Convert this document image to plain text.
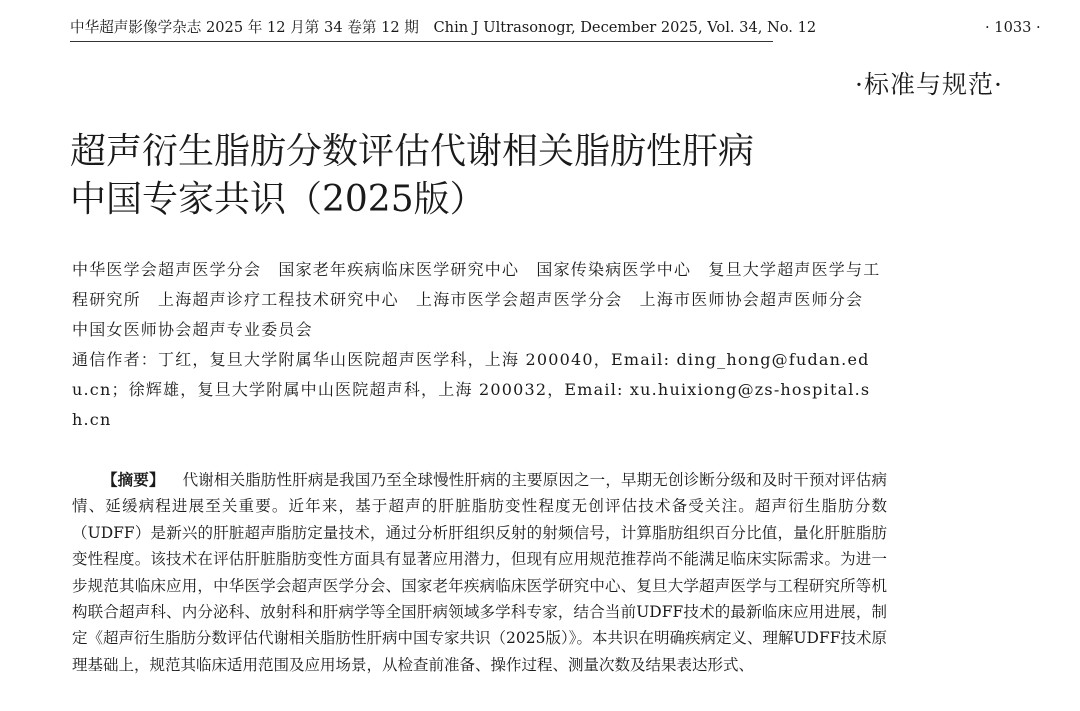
中华超声影像学杂志 2025 年 12 月第 34 卷第 12 期 Chin J Ultrasonogr, December 2025, Vol. 34, No. 12	· 1033 ·
·标准与规范·
超声衍生脂肪分数评估代谢相关脂肪性肝病
中国专家共识（2025版）
中华医学会超声医学分会　国家老年疾病临床医学研究中心　国家传染病医学中心　复旦大学超声医学与工程研究所　上海超声诊疗工程技术研究中心　上海市医学会超声医学分会　上海市医师协会超声医师分会　中国女医师协会超声专业委员会
通信作者：丁红，复旦大学附属华山医院超声医学科，上海 200040，Email: ding_hong@fudan.edu.cn；徐辉雄，复旦大学附属中山医院超声科，上海 200032，Email: xu.huixiong@zs-hospital.sh.cn
【摘要】 代谢相关脂肪性肝病是我国乃至全球慢性肝病的主要原因之一，早期无创诊断分级和及时干预对评估病情、延缓病程进展至关重要。近年来，基于超声的肝脏脂肪变性程度无创评估技术备受关注。超声衍生脂肪分数（UDFF）是新兴的肝脏超声脂肪定量技术，通过分析肝组织反射的射频信号，计算脂肪组织百分比值，量化肝脏脂肪变性程度。该技术在评估肝脏脂肪变性方面具有显著应用潜力，但现有应用规范推荐尚不能满足临床实际需求。为进一步规范其临床应用，中华医学会超声医学分会、国家老年疾病临床医学研究中心、复旦大学超声医学与工程研究所等机构联合超声科、内分泌科、放射科和肝病学等全国肝病领域多学科专家，结合当前UDFF技术的最新临床应用进展，制定《超声衍生脂肪分数评估代谢相关脂肪性肝病中国专家共识（2025版）》。本共识在明确疾病定义、理解UDFF技术原理基础上，规范其临床适用范围及应用场景，从检查前准备、操作过程、测量次数及结果表达形式、
